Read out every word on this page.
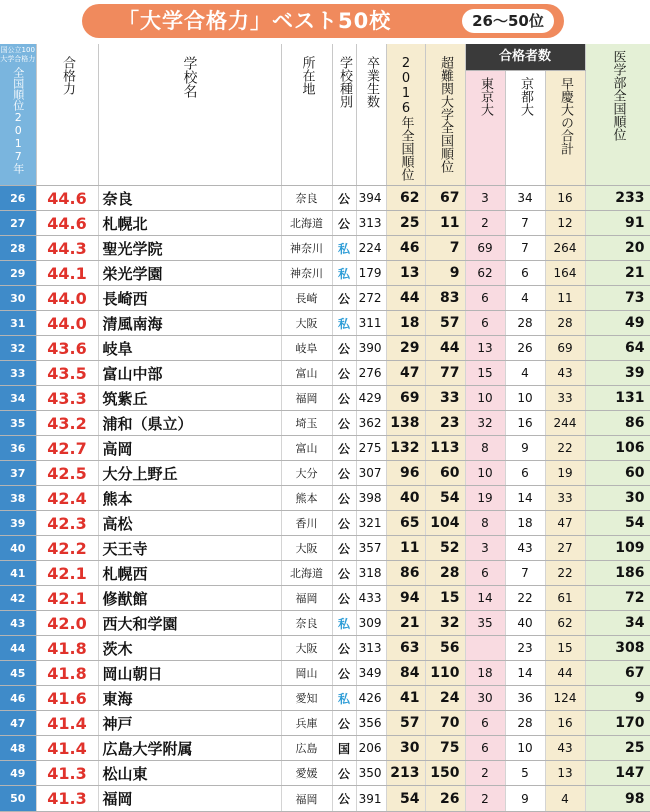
「大学合格力」ベスト50校	26〜50位
国公立100大学合格力
全国順位2017年	合格力	学校名	所在地	学校種別	卒業生数	2016年全国順位	超難関大学全国順位	合格者数			医学部全国順位
								東京大	京都大	早慶大の合計	
26	44.6	奈良	奈良	公	394	62	67	3	34	16	233
27	44.6	札幌北	北海道	公	313	25	11	2	7	12	91
28	44.3	聖光学院	神奈川	私	224	46	7	69	7	264	20
29	44.1	栄光学園	神奈川	私	179	13	9	62	6	164	21
30	44.0	長崎西	長崎	公	272	44	83	6	4	11	73
31	44.0	清風南海	大阪	私	311	18	57	6	28	28	49
32	43.6	岐阜	岐阜	公	390	29	44	13	26	69	64
33	43.5	富山中部	富山	公	276	47	77	15	4	43	39
34	43.3	筑紫丘	福岡	公	429	69	33	10	10	33	131
35	43.2	浦和（県立）	埼玉	公	362	138	23	32	16	244	86
36	42.7	高岡	富山	公	275	132	113	8	9	22	106
37	42.5	大分上野丘	大分	公	307	96	60	10	6	19	60
38	42.4	熊本	熊本	公	398	40	54	19	14	33	30
39	42.3	高松	香川	公	321	65	104	8	18	47	54
40	42.2	天王寺	大阪	公	357	11	52	3	43	27	109
41	42.1	札幌西	北海道	公	318	86	28	6	7	22	186
42	42.1	修猷館	福岡	公	433	94	15	14	22	61	72
43	42.0	西大和学園	奈良	私	309	21	32	35	40	62	34
44	41.8	茨木	大阪	公	313	63	56		23	15	308
45	41.8	岡山朝日	岡山	公	349	84	110	18	14	44	67
46	41.6	東海	愛知	私	426	41	24	30	36	124	9
47	41.4	神戸	兵庫	公	356	57	70	6	28	16	170
48	41.4	広島大学附属	広島	国	206	30	75	6	10	43	25
49	41.3	松山東	愛媛	公	350	213	150	2	5	13	147
50	41.3	福岡	福岡	公	391	54	26	2	9	4	98
